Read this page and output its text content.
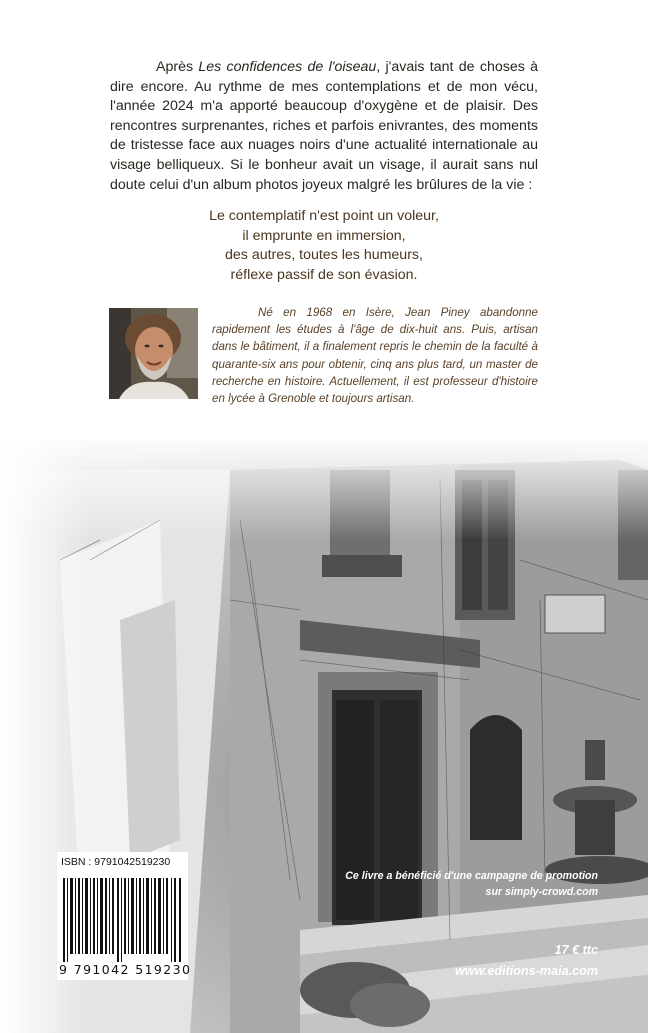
Après Les confidences de l'oiseau, j'avais tant de choses à dire encore. Au rythme de mes contemplations et de mon vécu, l'année 2024 m'a apporté beaucoup d'oxygène et de plaisir. Des rencontres surprenantes, riches et parfois enivrantes, des moments de tristesse face aux nuages noirs d'une actualité internationale au visage belliqueux. Si le bonheur avait un visage, il aurait sans nul doute celui d'un album photos joyeux malgré les brûlures de la vie :

Le contemplatif n'est point un voleur,
il emprunte en immersion,
des autres, toutes les humeurs,
réflexe passif de son évasion.

Né en 1968 en Isère, Jean Piney abandonne rapidement les études à l'âge de dix-huit ans. Puis, artisan dans le bâtiment, il a finalement repris le chemin de la faculté à quarante-six ans pour obtenir, cinq ans plus tard, un master de recherche en histoire. Actuellement, il est professeur d'histoire en lycée à Grenoble et toujours artisan.

ISBN : 9791042519230
9 791042 519230
Ce livre a bénéficié d'une campagne de promotion
sur simply-crowd.com
17 € ttc
www.editions-maia.com
